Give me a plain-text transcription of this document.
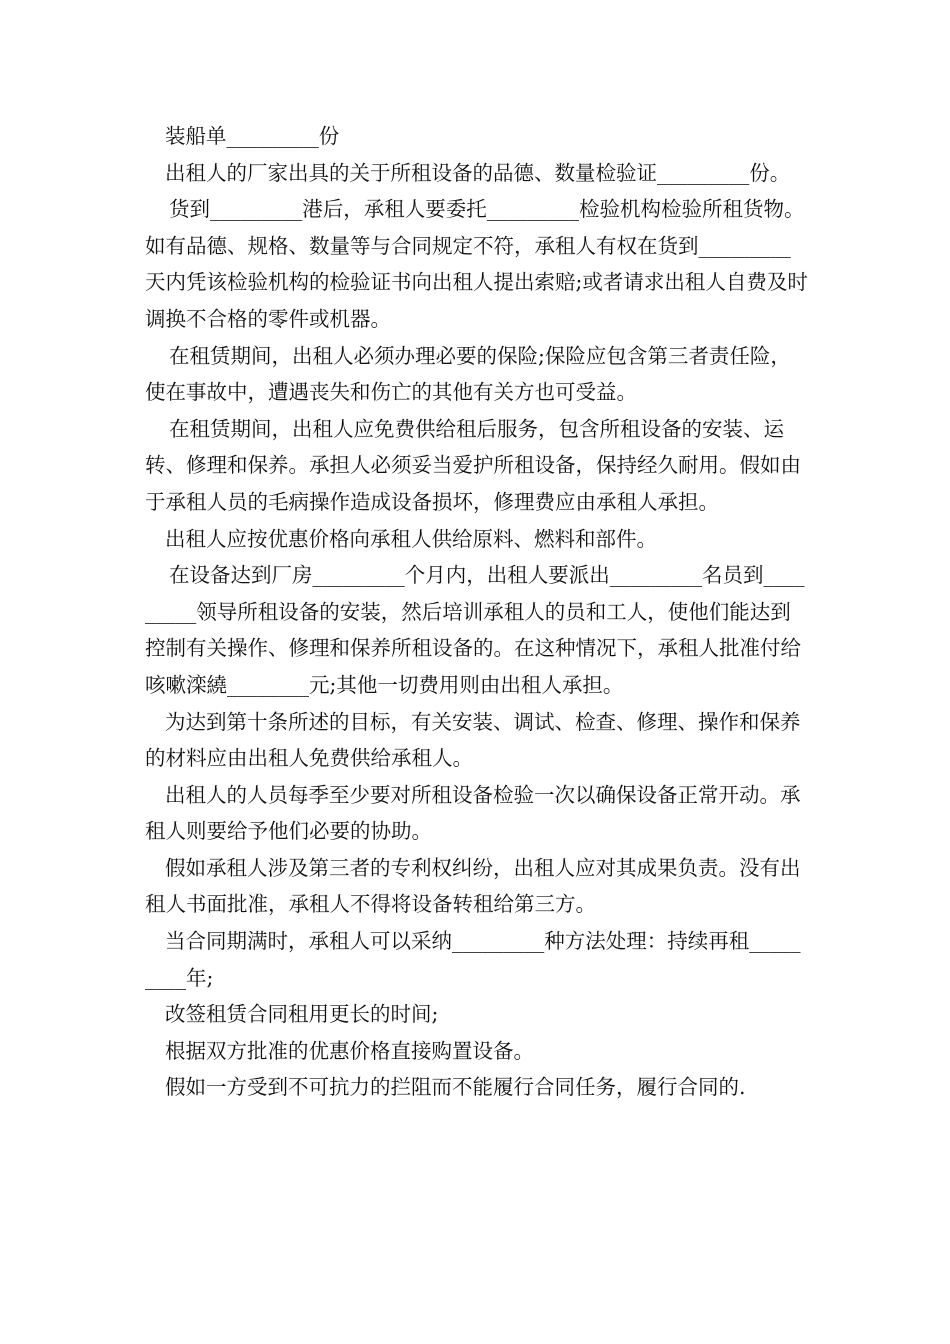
装船单_________份

出租人的厂家出具的关于所租设备的品德、数量检验证_________份。

货到_________港后，承租人要委托_________检验机构检验所租货物。如有品德、规格、数量等与合同规定不符，承租人有权在货到_________天内凭该检验机构的检验证书向出租人提出索赔;或者请求出租人自费及时调换不合格的零件或机器。

在租赁期间，出租人必须办理必要的保险;保险应包含第三者责任险，使在事故中，遭遇丧失和伤亡的其他有关方也可受益。

在租赁期间，出租人应免费供给租后服务，包含所租设备的安装、运转、修理和保养。承担人必须妥当爱护所租设备，保持经久耐用。假如由于承租人员的毛病操作造成设备损坏，修理费应由承租人承担。

出租人应按优惠价格向承租人供给原料、燃料和部件。

在设备达到厂房_________个月内，出租人要派出_________名员到_________领导所租设备的安装，然后培训承租人的员和工人，使他们能达到控制有关操作、修理和保养所租设备的。在这种情况下，承租人批准付给咳嗽滦繞________元;其他一切费用则由出租人承担。

为达到第十条所述的目标，有关安装、调试、检查、修理、操作和保养的材料应由出租人免费供给承租人。

出租人的人员每季至少要对所租设备检验一次以确保设备正常开动。承租人则要给予他们必要的协助。

假如承租人涉及第三者的专利权纠纷，出租人应对其成果负责。没有出租人书面批准，承租人不得将设备转租给第三方。

当合同期满时，承租人可以采纳_________种方法处理：持续再租_________年;

改签租赁合同租用更长的时间;

根据双方批准的优惠价格直接购置设备。

假如一方受到不可抗力的拦阻而不能履行合同任务，履行合同的.
